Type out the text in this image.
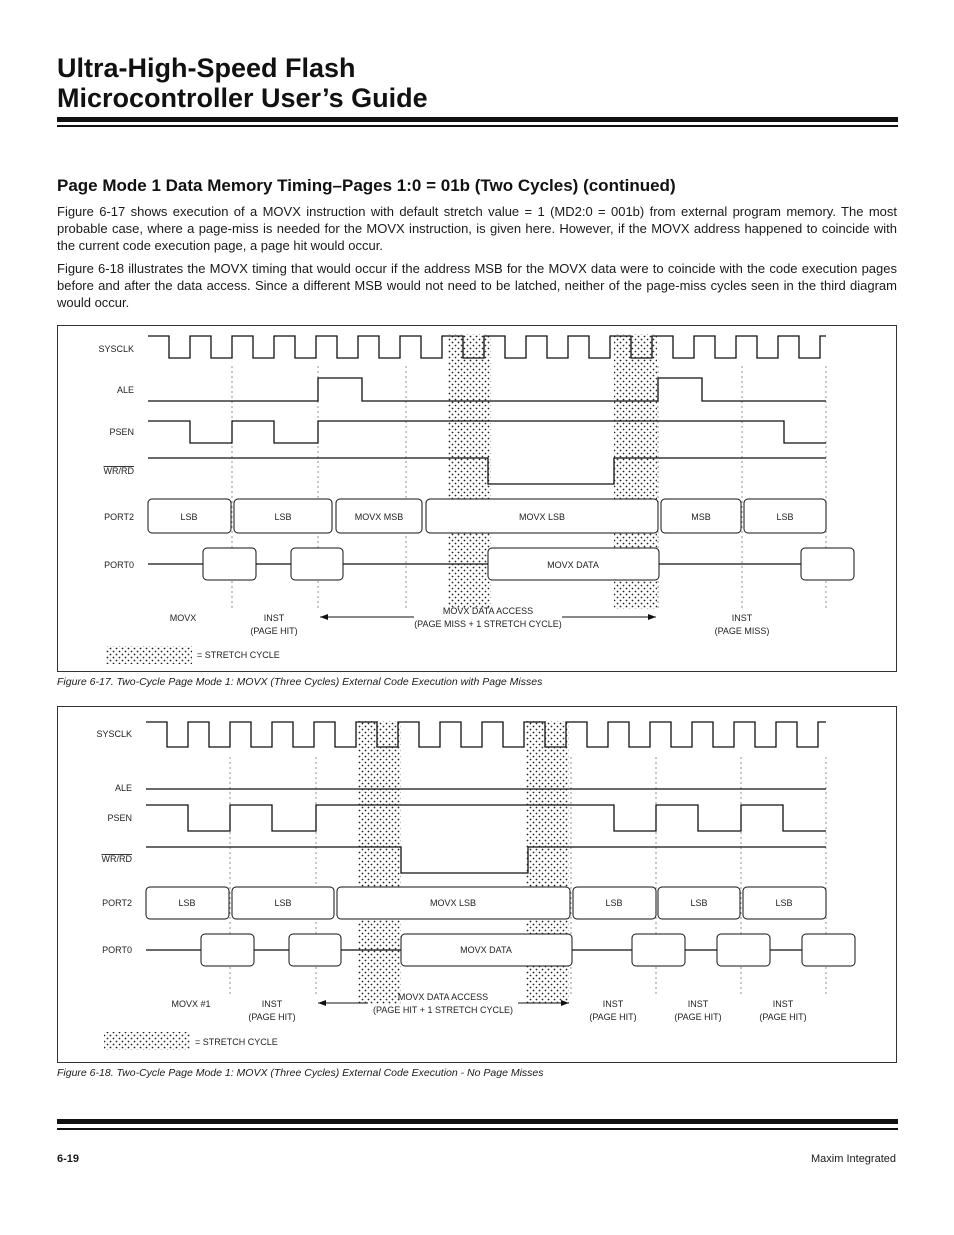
Ultra-High-Speed Flash
Microcontroller User’s Guide
Page Mode 1 Data Memory Timing–Pages 1:0 = 01b (Two Cycles) (continued)

Figure 6-17 shows execution of a MOVX instruction with default stretch value = 1 (MD2:0 = 001b) from external program memory. The most probable case, where a page-miss is needed for the MOVX instruction, is given here. However, if the MOVX address happened to coincide with the current code execution page, a page hit would occur.

Figure 6-18 illustrates the MOVX timing that would occur if the address MSB for the MOVX data were to coincide with the code execution pages before and after the data access. Since a different MSB would not need to be latched, neither of the page-miss cycles seen in the third diagram would occur.

SYSCLK
ALE
PSEN
WR/RD
PORT2
PORT0
LSB	LSB	MOVX MSB	MOVX LSB	MSB	LSB
MOVX DATA
MOVX	INST
(PAGE HIT)
MOVX DATA ACCESS
(PAGE MISS + 1 STRETCH CYCLE)
INST
(PAGE MISS)
= STRETCH CYCLE

Figure 6-17. Two-Cycle Page Mode 1: MOVX (Three Cycles) External Code Execution with Page Misses

SYSCLK
ALE
PSEN
WR/RD
PORT2
PORT0
LSB	LSB	MOVX LSB	LSB	LSB	LSB
MOVX DATA
MOVX #1	INST
(PAGE HIT)
MOVX DATA ACCESS
(PAGE HIT + 1 STRETCH CYCLE)
INST
(PAGE HIT)
INST
(PAGE HIT)
INST
(PAGE HIT)
= STRETCH CYCLE

Figure 6-18. Two-Cycle Page Mode 1: MOVX (Three Cycles) External Code Execution - No Page Misses

6-19	Maxim Integrated
